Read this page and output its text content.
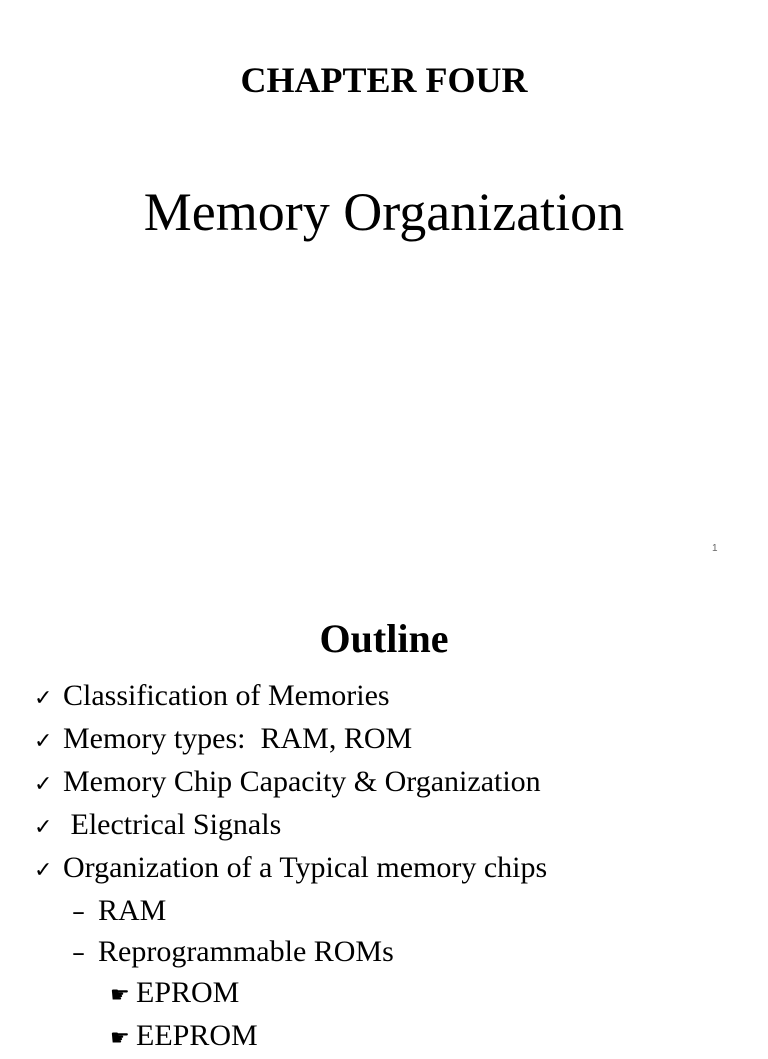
CHAPTER FOUR
Memory Organization
1
Outline
✓ Classification of Memories
✓ Memory types:  RAM, ROM
✓ Memory Chip Capacity & Organization
✓ Electrical Signals
✓ Organization of a Typical memory chips
– RAM
– Reprogrammable ROMs
☛ EPROM
☛ EEPROM
